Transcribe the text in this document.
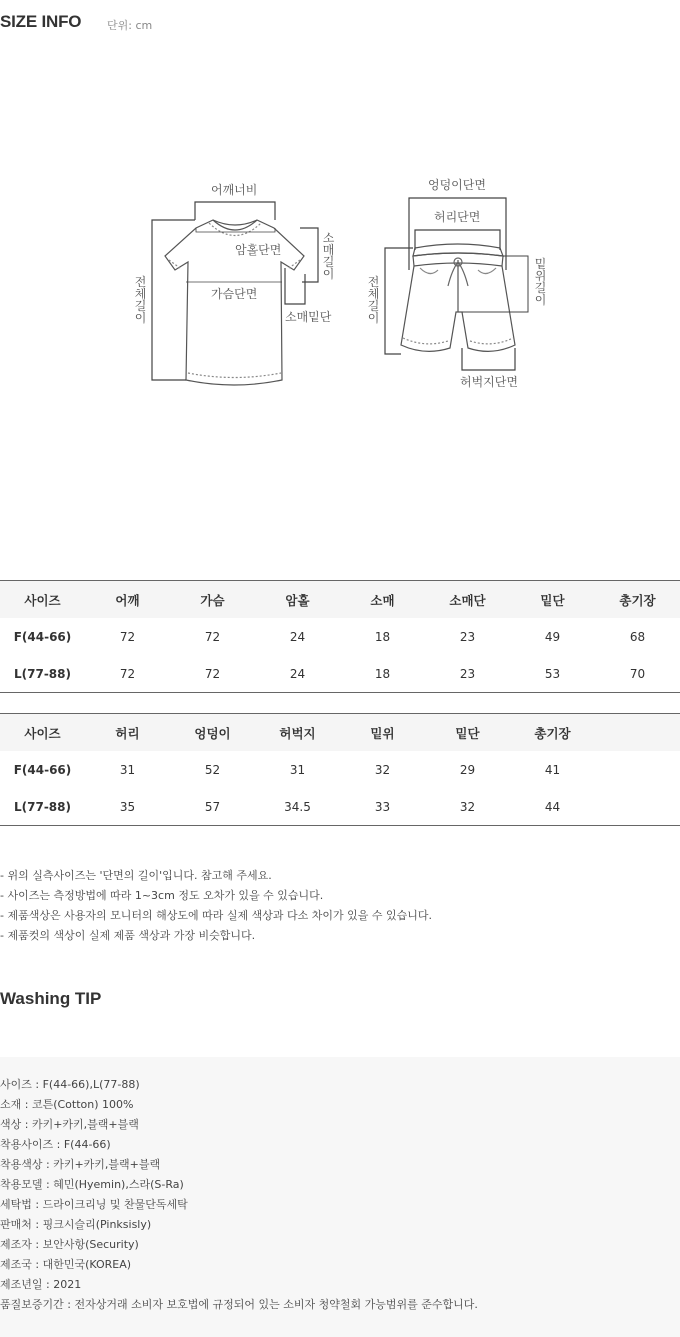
SIZE INFO 단위: cm
어깨너비
암홀단면
소매길이
가슴단면
소매밑단
전체길이
엉덩이단면
허리단면
밑위길이
전체길이
허벅지단면
사이즈	어깨	가슴	암홀	소매	소매단	밑단	총기장
F(44-66)	72	72	24	18	23	49	68
L(77-88)	72	72	24	18	23	53	70
사이즈	허리	엉덩이	허벅지	밑위	밑단	총기장	
F(44-66)	31	52	31	32	29	41	
L(77-88)	35	57	34.5	33	32	44	
- 위의 실측사이즈는 '단면의 길이'입니다. 참고해 주세요.
- 사이즈는 측정방법에 따라 1~3cm 정도 오차가 있을 수 있습니다.
- 제품색상은 사용자의 모니터의 해상도에 따라 실제 색상과 다소 차이가 있을 수 있습니다.
- 제품컷의 색상이 실제 제품 색상과 가장 비슷합니다.
Washing TIP
사이즈 : F(44-66),L(77-88)
소재 : 코튼(Cotton) 100%
색상 : 카키+카키,블랙+블랙
착용사이즈 : F(44-66)
착용색상 : 카키+카키,블랙+블랙
착용모델 : 혜민(Hyemin),스라(S-Ra)
세탁법 : 드라이크리닝 및 찬물단독세탁
판매처 : 핑크시슬리(Pinksisly)
제조자 : 보안사항(Security)
제조국 : 대한민국(KOREA)
제조년일 : 2021
품질보증기간 : 전자상거래 소비자 보호법에 규정되어 있는 소비자 청약철회 가능범위를 준수합니다.
